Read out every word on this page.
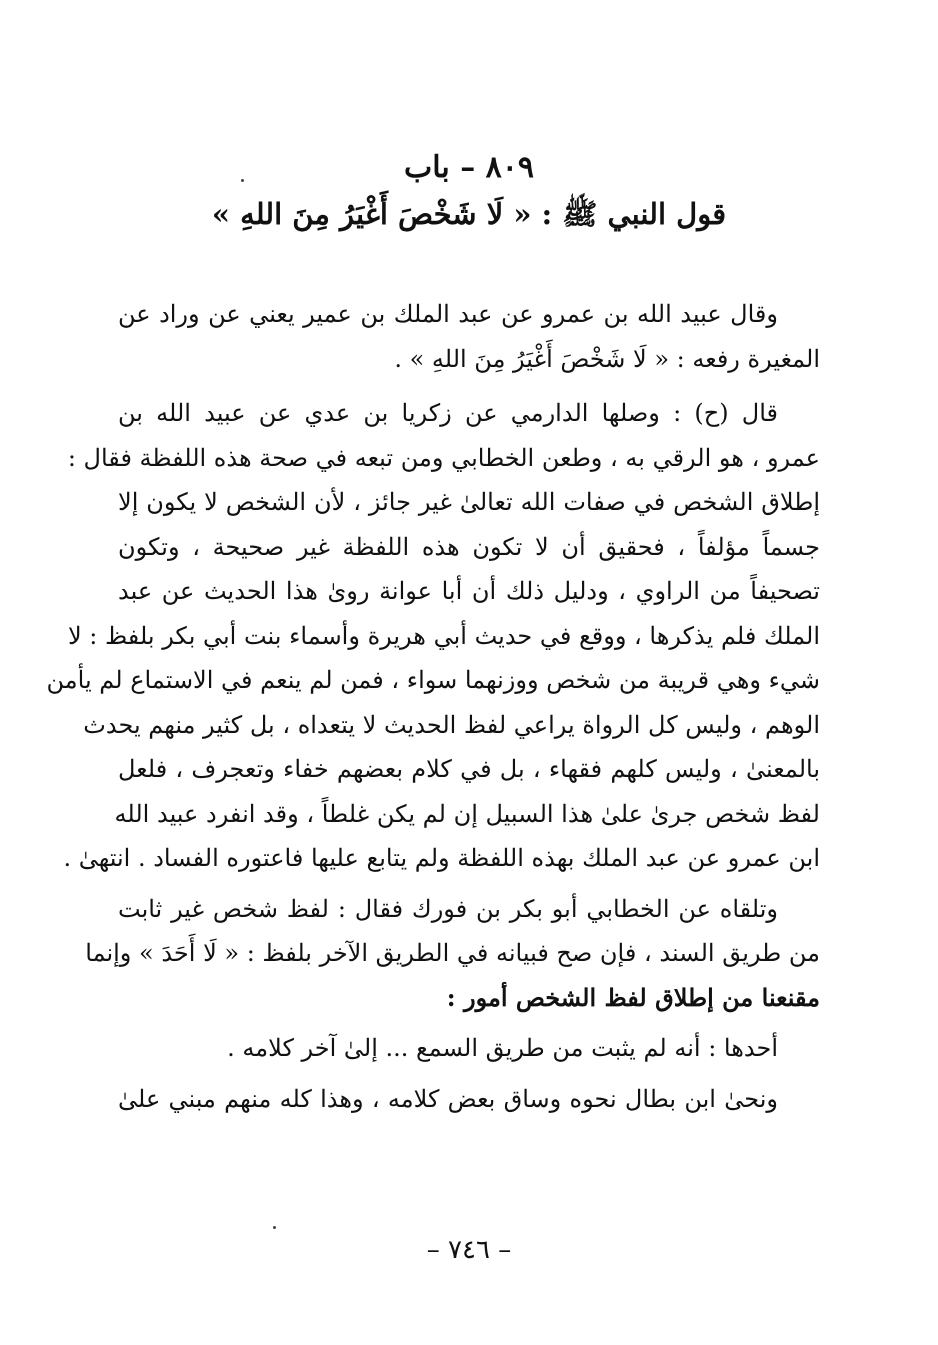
٨٠٩ – باب
قول النبي ﷺ : « لَا شَخْصَ أَغْيَرُ مِنَ اللهِ »
وقال عبيد الله بن عمرو عن عبد الملك بن عمير يعني عن وراد عن
المغيرة رفعه : « لَا شَخْصَ أَغْيَرُ مِنَ اللهِ » .
قال (ح) : وصلها الدارمي عن زكريا بن عدي عن عبيد الله بن
عمرو ، هو الرقي به ، وطعن الخطابي ومن تبعه في صحة هذه اللفظة فقال :
إطلاق الشخص في صفات الله تعالىٰ غير جائز ، لأن الشخص لا يكون إلا
جسماً مؤلفاً ، فحقيق أن لا تكون هذه اللفظة غير صحيحة ، وتكون
تصحيفاً من الراوي ، ودليل ذلك أن أبا عوانة روىٰ هذا الحديث عن عبد
الملك فلم يذكرها ، ووقع في حديث أبي هريرة وأسماء بنت أبي بكر بلفظ : لا
شيء وهي قريبة من شخص ووزنهما سواء ، فمن لم ينعم في الاستماع لم يأمن
الوهم ، وليس كل الرواة يراعي لفظ الحديث لا يتعداه ، بل كثير منهم يحدث
بالمعنىٰ ، وليس كلهم فقهاء ، بل في كلام بعضهم خفاء وتعجرف ، فلعل
لفظ شخص جرىٰ علىٰ هذا السبيل إن لم يكن غلطاً ، وقد انفرد عبيد الله
ابن عمرو عن عبد الملك بهذه اللفظة ولم يتابع عليها فاعتوره الفساد . انتهىٰ .
وتلقاه عن الخطابي أبو بكر بن فورك فقال : لفظ شخص غير ثابت
من طريق السند ، فإن صح فبيانه في الطريق الآخر بلفظ : « لَا أَحَدَ » وإنما
مقنعنا من إطلاق لفظ الشخص أمور :
أحدها : أنه لم يثبت من طريق السمع ... إلىٰ آخر كلامه .
ونحىٰ ابن بطال نحوه وساق بعض كلامه ، وهذا كله منهم مبني علىٰ
– ٧٤٦ –
